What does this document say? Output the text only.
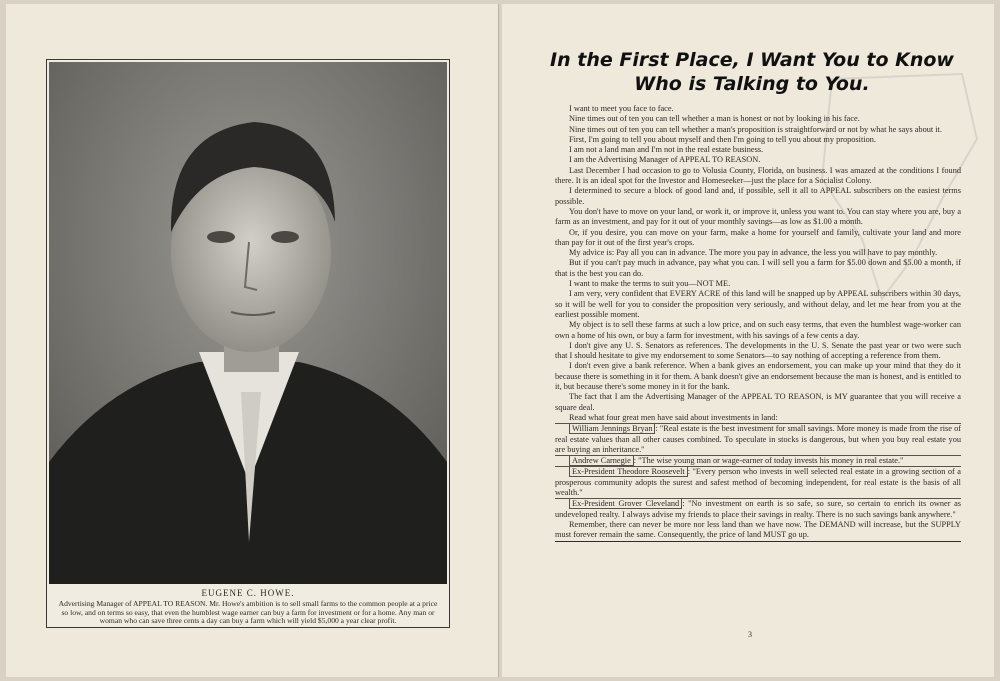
EUGENE C. HOWE.
Advertising Manager of APPEAL TO REASON. Mr. Howe's ambition is to sell small farms to the common people at a price so low, and on terms so easy, that even the humblest wage earner can buy a farm for investment or for a home. Any man or woman who can save three cents a day can buy a farm which will yield $5,000 a year clear profit.
In the First Place, I Want You to Know Who is Talking to You.

I want to meet you face to face.

Nine times out of ten you can tell whether a man is honest or not by looking in his face.

Nine times out of ten you can tell whether a man's proposition is straightforward or not by what he says about it.

First, I'm going to tell you about myself and then I'm going to tell you about my proposition.

I am not a land man and I'm not in the real estate business.

I am the Advertising Manager of APPEAL TO REASON.

Last December I had occasion to go to Volusia County, Florida, on business. I was amazed at the conditions I found there. It is an ideal spot for the Investor and Homeseeker—just the place for a Socialist Colony.

I determined to secure a block of good land and, if possible, sell it all to APPEAL subscribers on the easiest terms possible.

You don't have to move on your land, or work it, or improve it, unless you want to. You can stay where you are, buy a farm as an investment, and pay for it out of your monthly savings—as low as $1.00 a month.

Or, if you desire, you can move on your farm, make a home for yourself and family, cultivate your land and more than pay for it out of the first year's crops.

My advice is: Pay all you can in advance. The more you pay in advance, the less you will have to pay monthly.

But if you can't pay much in advance, pay what you can. I will sell you a farm for $5.00 down and $5.00 a month, if that is the best you can do.

I want to make the terms to suit you—NOT ME.

I am very, very confident that EVERY ACRE of this land will be snapped up by APPEAL subscribers within 30 days, so it will be well for you to consider the proposition very seriously, and without delay, and let me hear from you at the earliest possible moment.

My object is to sell these farms at such a low price, and on such easy terms, that even the humblest wage-worker can own a home of his own, or buy a farm for investment, with his savings of a few cents a day.

I don't give any U. S. Senators as references. The developments in the U. S. Senate the past year or two were such that I should hesitate to give my endorsement to some Senators—to say nothing of accepting a reference from them.

I don't even give a bank reference. When a bank gives an endorsement, you can make up your mind that they do it because there is something in it for them. A bank doesn't give an endorsement because the man is honest, and is entitled to it, but because there's some money in it for the bank.

The fact that I am the Advertising Manager of the APPEAL TO REASON, is MY guarantee that you will receive a square deal.

Read what four great men have said about investments in land:

William Jennings Bryan : "Real estate is the best investment for small savings. More money is made from the rise of real estate values than all other causes combined. To speculate in stocks is dangerous, but when you buy real estate you are buying an inheritance."

Andrew Carnegie : "The wise young man or wage-earner of today invests his money in real estate."

Ex-President Theodore Roosevelt : "Every person who invests in well selected real estate in a growing section of a prosperous community adopts the surest and safest method of becoming independent, for real estate is the basis of all wealth."

Ex-President Grover Cleveland : "No investment on earth is so safe, so sure, so certain to enrich its owner as undeveloped realty. I always advise my friends to place their savings in realty. There is no such savings bank anywhere."

Remember, there can never be more nor less land than we have now. The DEMAND will increase, but the SUPPLY must forever remain the same. Consequently, the price of land MUST go up.

3
